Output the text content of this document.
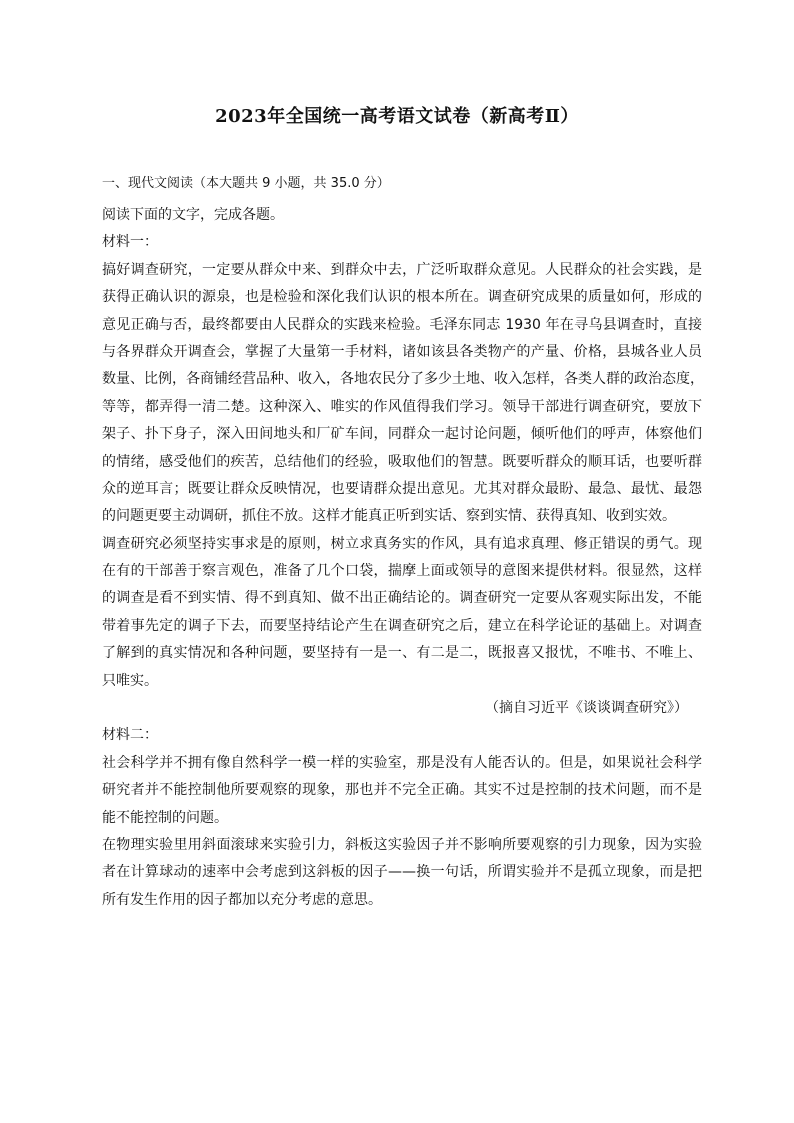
2023年全国统一高考语文试卷（新高考Ⅱ）
一、现代文阅读（本大题共 9 小题，共 35.0 分）
阅读下面的文字，完成各题。
材料一：
搞好调查研究，一定要从群众中来、到群众中去，广泛听取群众意见。人民群众的社会实践，是
获得正确认识的源泉，也是检验和深化我们认识的根本所在。调查研究成果的质量如何，形成的
意见正确与否，最终都要由人民群众的实践来检验。毛泽东同志 1930 年在寻乌县调查时，直接
与各界群众开调查会，掌握了大量第一手材料，诸如该县各类物产的产量、价格，县城各业人员
数量、比例，各商铺经营品种、收入，各地农民分了多少土地、收入怎样，各类人群的政治态度，
等等，都弄得一清二楚。这种深入、唯实的作风值得我们学习。领导干部进行调查研究，要放下
架子、扑下身子，深入田间地头和厂矿车间，同群众一起讨论问题，倾听他们的呼声，体察他们
的情绪，感受他们的疾苦，总结他们的经验，吸取他们的智慧。既要听群众的顺耳话，也要听群
众的逆耳言；既要让群众反映情况，也要请群众提出意见。尤其对群众最盼、最急、最忧、最怨
的问题更要主动调研，抓住不放。这样才能真正听到实话、察到实情、获得真知、收到实效。
调查研究必须坚持实事求是的原则，树立求真务实的作风，具有追求真理、修正错误的勇气。现
在有的干部善于察言观色，准备了几个口袋，揣摩上面或领导的意图来提供材料。很显然，这样
的调查是看不到实情、得不到真知、做不出正确结论的。调查研究一定要从客观实际出发，不能
带着事先定的调子下去，而要坚持结论产生在调查研究之后，建立在科学论证的基础上。对调查
了解到的真实情况和各种问题，要坚持有一是一、有二是二，既报喜又报忧，不唯书、不唯上、
只唯实。
（摘自习近平《谈谈调查研究》）
材料二：
社会科学并不拥有像自然科学一模一样的实验室，那是没有人能否认的。但是，如果说社会科学
研究者并不能控制他所要观察的现象，那也并不完全正确。其实不过是控制的技术问题，而不是
能不能控制的问题。
在物理实验里用斜面滚球来实验引力，斜板这实验因子并不影响所要观察的引力现象，因为实验
者在计算球动的速率中会考虑到这斜板的因子——换一句话，所谓实验并不是孤立现象，而是把
所有发生作用的因子都加以充分考虑的意思。
